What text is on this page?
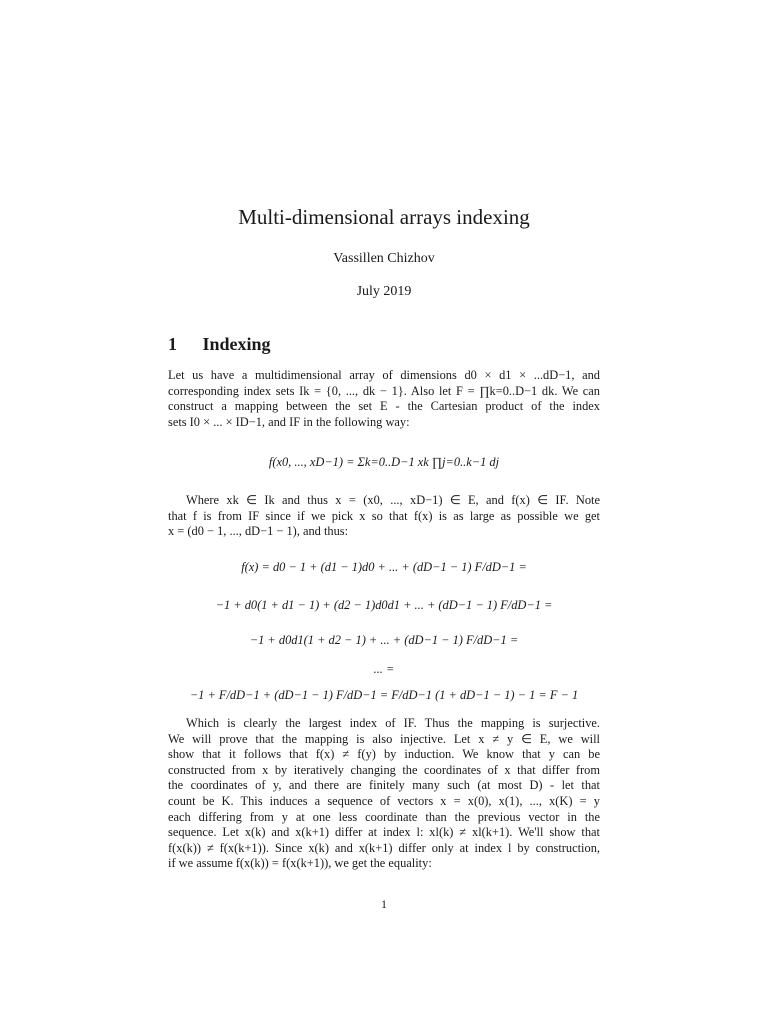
Multi-dimensional arrays indexing
Vassillen Chizhov
July 2019
1 Indexing
Let us have a multidimensional array of dimensions d0 × d1 × ...dD−1, and
corresponding index sets Ik = {0, ..., dk − 1}. Also let F = ∏k=0..D−1 dk. We can
construct a mapping between the set E - the Cartesian product of the index
sets I0 × ... × ID−1, and IF in the following way:
f(x0, ..., xD−1) = Σk=0..D−1 xk ∏j=0..k−1 dj
Where xk ∈ Ik and thus x = (x0, ..., xD−1) ∈ E, and f(x) ∈ IF. Note
that f is from IF since if we pick x so that f(x) is as large as possible we get
x = (d0 − 1, ..., dD−1 − 1), and thus:
f(x) = d0 − 1 + (d1 − 1)d0 + ... + (dD−1 − 1) F/dD−1 =
−1 + d0(1 + d1 − 1) + (d2 − 1)d0d1 + ... + (dD−1 − 1) F/dD−1 =
−1 + d0d1(1 + d2 − 1) + ... + (dD−1 − 1) F/dD−1 =
... =
−1 + F/dD−1 + (dD−1 − 1) F/dD−1 = F/dD−1 (1 + dD−1 − 1) − 1 = F − 1
Which is clearly the largest index of IF. Thus the mapping is surjective.
We will prove that the mapping is also injective. Let x ≠ y ∈ E, we will
show that it follows that f(x) ≠ f(y) by induction. We know that y can be
constructed from x by iteratively changing the coordinates of x that differ from
the coordinates of y, and there are finitely many such (at most D) - let that
count be K. This induces a sequence of vectors x = x(0), x(1), ..., x(K) = y
each differing from y at one less coordinate than the previous vector in the
sequence. Let x(k) and x(k+1) differ at index l: xl(k) ≠ xl(k+1). We'll show that
f(x(k)) ≠ f(x(k+1)). Since x(k) and x(k+1) differ only at index l by construction,
if we assume f(x(k)) = f(x(k+1)), we get the equality:
1
